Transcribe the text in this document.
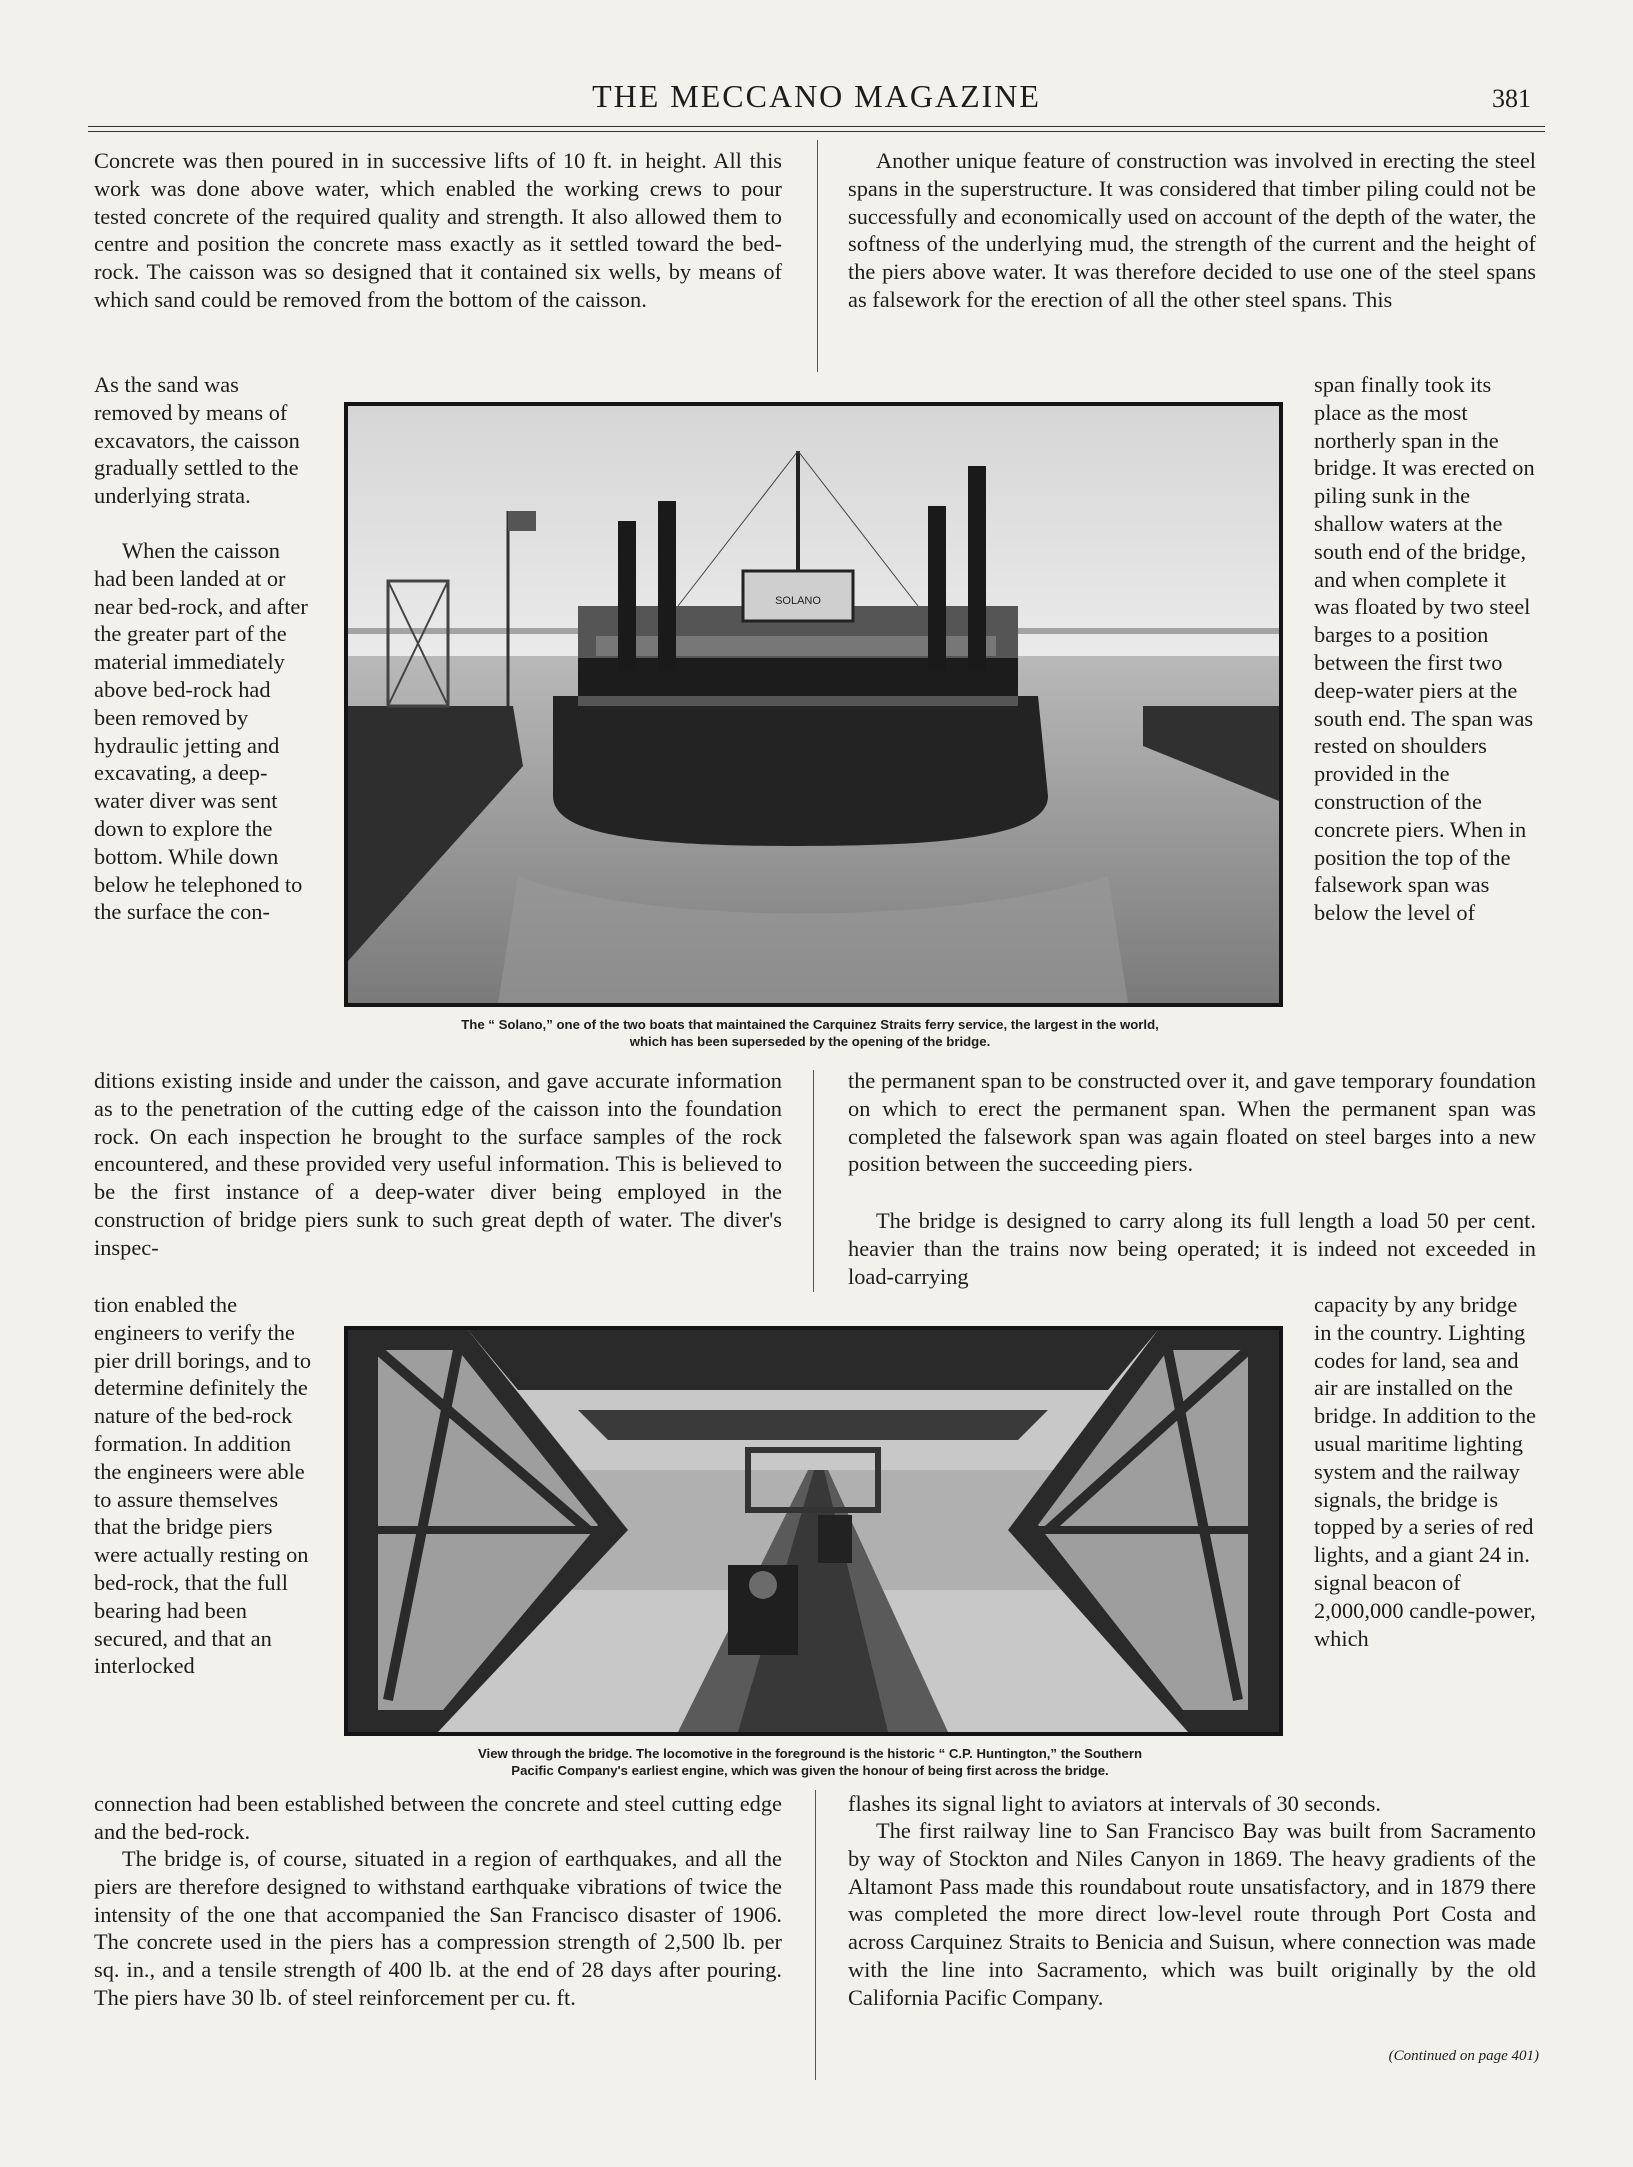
THE MECCANO MAGAZINE	381

Concrete was then poured in in successive lifts of 10 ft. in height. All this work was done above water, which enabled the working crews to pour tested concrete of the required quality and strength. It also allowed them to centre and position the concrete mass exactly as it settled toward the bed-rock. The caisson was so designed that it contained six wells, by means of which sand could be removed from the bottom of the caisson.

As the sand was removed by means of excavators, the caisson gradually settled to the underlying strata.

When the caisson had been landed at or near bed-rock, and after the greater part of the material immediately above bed-rock had been removed by hydraulic jetting and excavating, a deep-water diver was sent down to explore the bottom. While down below he telephoned to the surface the con-

ditions existing inside and under the caisson, and gave accurate information as to the penetration of the cutting edge of the caisson into the foundation rock. On each inspection he brought to the surface samples of the rock encountered, and these provided very useful information. This is believed to be the first instance of a deep-water diver being employed in the construction of bridge piers sunk to such great depth of water. The diver's inspec-

tion enabled the engineers to verify the pier drill borings, and to determine definitely the nature of the bed-rock formation. In addition the engineers were able to assure themselves that the bridge piers were actually resting on bed-rock, that the full bearing had been secured, and that an interlocked

connection had been established between the concrete and steel cutting edge and the bed-rock.

The bridge is, of course, situated in a region of earthquakes, and all the piers are therefore designed to withstand earthquake vibrations of twice the intensity of the one that accompanied the San Francisco disaster of 1906. The concrete used in the piers has a compression strength of 2,500 lb. per sq. in., and a tensile strength of 400 lb. at the end of 28 days after pouring. The piers have 30 lb. of steel reinforcement per cu. ft.

Another unique feature of construction was involved in erecting the steel spans in the superstructure. It was considered that timber piling could not be successfully and economically used on account of the depth of the water, the softness of the underlying mud, the strength of the current and the height of the piers above water. It was therefore decided to use one of the steel spans as falsework for the erection of all the other steel spans. This

span finally took its place as the most northerly span in the bridge. It was erected on piling sunk in the shallow waters at the south end of the bridge, and when complete it was floated by two steel barges to a position between the first two deep-water piers at the south end. The span was rested on shoulders provided in the construction of the concrete piers. When in position the top of the falsework span was below the level of

the permanent span to be constructed over it, and gave temporary foundation on which to erect the permanent span. When the permanent span was completed the falsework span was again floated on steel barges into a new position between the succeeding piers.

The bridge is designed to carry along its full length a load 50 per cent. heavier than the trains now being operated; it is indeed not exceeded in load-carrying

capacity by any bridge in the country. Lighting codes for land, sea and air are installed on the bridge. In addition to the usual maritime lighting system and the railway signals, the bridge is topped by a series of red lights, and a giant 24 in. signal beacon of 2,000,000 candle-power, which

flashes its signal light to aviators at intervals of 30 seconds.

The first railway line to San Francisco Bay was built from Sacramento by way of Stockton and Niles Canyon in 1869. The heavy gradients of the Altamont Pass made this roundabout route unsatisfactory, and in 1879 there was completed the more direct low-level route through Port Costa and across Carquinez Straits to Benicia and Suisun, where connection was made with the line into Sacramento, which was built originally by the old California Pacific Company.

(Continued on page 401)
SOLANO

The “ Solano,” one of the two boats that maintained the Carquinez Straits ferry service, the largest in the world,

which has been superseded by the opening of the bridge.

View through the bridge. The locomotive in the foreground is the historic “ C.P. Huntington,” the Southern

Pacific Company's earliest engine, which was given the honour of being first across the bridge.
